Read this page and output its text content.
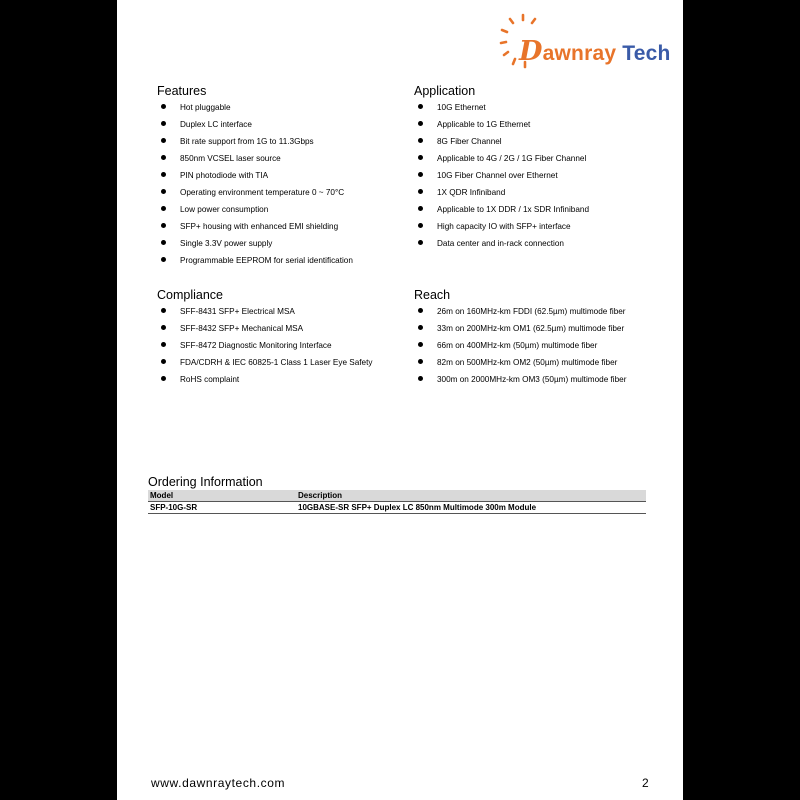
Dawnray Tech
Features
Hot pluggable
Duplex LC interface
Bit rate support from 1G to 11.3Gbps
850nm VCSEL laser source
PIN photodiode with TIA
Operating environment temperature 0 ~ 70°C
Low power consumption
SFP+ housing with enhanced EMI shielding
Single 3.3V power supply
Programmable EEPROM for serial identification
Application
10G Ethernet
Applicable to 1G Ethernet
8G Fiber Channel
Applicable to 4G / 2G / 1G Fiber Channel
10G Fiber Channel over Ethernet
1X QDR Infiniband
Applicable to 1X DDR / 1x SDR Infiniband
High capacity IO with SFP+ interface
Data center and in-rack connection
Compliance
SFF-8431 SFP+ Electrical MSA
SFF-8432 SFP+ Mechanical MSA
SFF-8472 Diagnostic Monitoring Interface
FDA/CDRH & IEC 60825-1 Class 1 Laser Eye Safety
RoHS complaint
Reach
26m on 160MHz-km FDDI (62.5µm) multimode fiber
33m on 200MHz-km OM1 (62.5µm) multimode fiber
66m on 400MHz-km (50µm) multimode fiber
82m on 500MHz-km OM2 (50µm) multimode fiber
300m on 2000MHz-km OM3 (50µm) multimode fiber
Ordering Information
Model	Description
SFP-10G-SR	10GBASE-SR SFP+ Duplex LC 850nm Multimode 300m Module
www.dawnraytech.com	2
